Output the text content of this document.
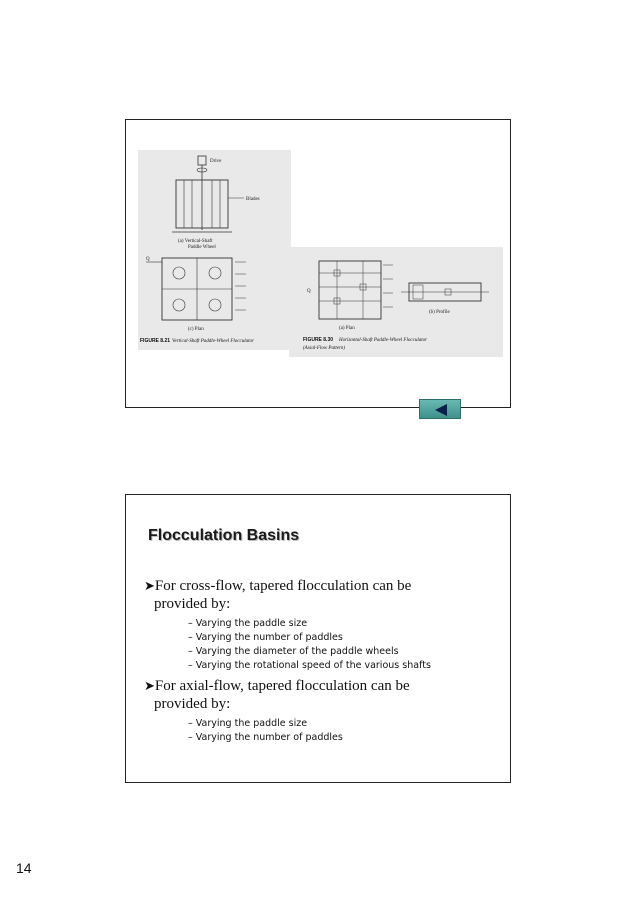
Drive
Blades
(a) Vertical-Shaft
Paddle Wheel
Q
(c) Plan
FIGURE 8.21 Vertical-Shaft Paddle-Wheel Flocculator
Q
(a) Plan
(b) Profile
FIGURE 8.30 Horizontal-Shaft Paddle-Wheel Flocculator
(Axial-Flow Pattern)
Flocculation Basins
➤For cross-flow, tapered flocculation can be
provided by:
– Varying the paddle size
– Varying the number of paddles
– Varying the diameter of the paddle wheels
– Varying the rotational speed of the various shafts
➤For axial-flow, tapered flocculation can be
provided by:
– Varying the paddle size
– Varying the number of paddles
14
